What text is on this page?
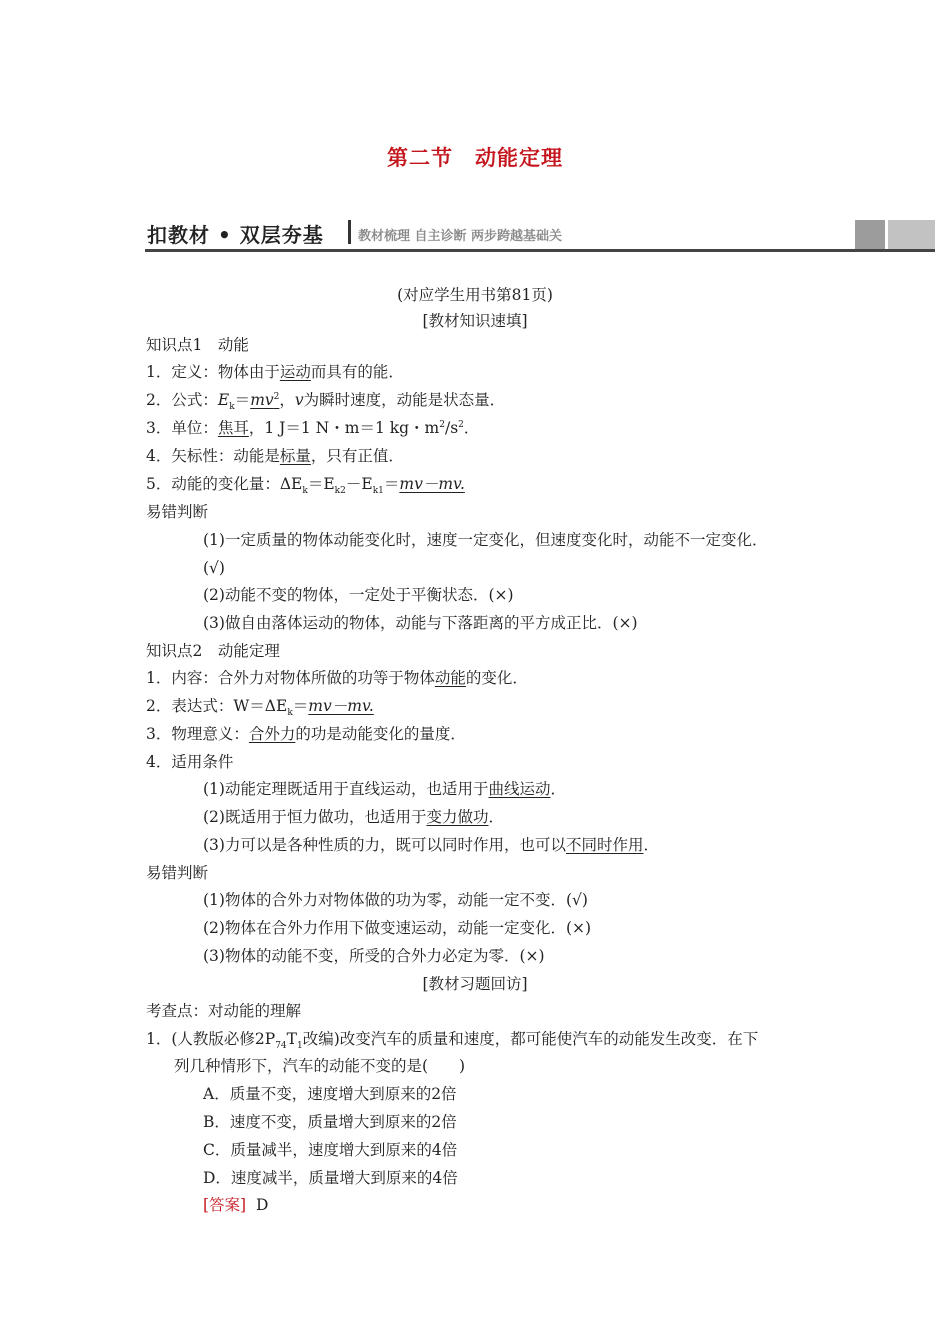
第二节 动能定理
扣教材 • 双层夯基	教材梳理 自主诊断 两步跨越基础关
(对应学生用书第81页)
[教材知识速填]
知识点1　动能
1．定义：物体由于运动而具有的能．
2．公式：$E_k=mv^2$，v为瞬时速度，动能是状态量．
3．单位：焦耳，1 J＝1 N・m＝1 kg・$m^2/s^2$．
4．矢标性：动能是标量，只有正值．
5．动能的变化量：$\Delta E_k=E_{k2}-E_{k1}=mv-mv$.
易错判断
(1)一定质量的物体动能变化时，速度一定变化，但速度变化时，动能不一定变化．
(√)
(2)动能不变的物体，一定处于平衡状态．(×)
(3)做自由落体运动的物体，动能与下落距离的平方成正比．(×)
知识点2　动能定理
1．内容：合外力对物体所做的功等于物体动能的变化．
2．表达式：$W=\Delta E_k=mv-mv$.
3．物理意义：合外力的功是动能变化的量度．
4．适用条件
(1)动能定理既适用于直线运动，也适用于曲线运动．
(2)既适用于恒力做功，也适用于变力做功．
(3)力可以是各种性质的力，既可以同时作用，也可以不同时作用．
易错判断
(1)物体的合外力对物体做的功为零，动能一定不变．(√)
(2)物体在合外力作用下做变速运动，动能一定变化．(×)
(3)物体的动能不变，所受的合外力必定为零．(×)
[教材习题回访]
考查点：对动能的理解
1．(人教版必修$2P_{74}T_1$改编)改变汽车的质量和速度，都可能使汽车的动能发生改变．在下
列几种情形下，汽车的动能不变的是(　　)
A．质量不变，速度增大到原来的2倍
B．速度不变，质量增大到原来的2倍
C．质量减半，速度增大到原来的4倍
D．速度减半，质量增大到原来的4倍
[答案] D
